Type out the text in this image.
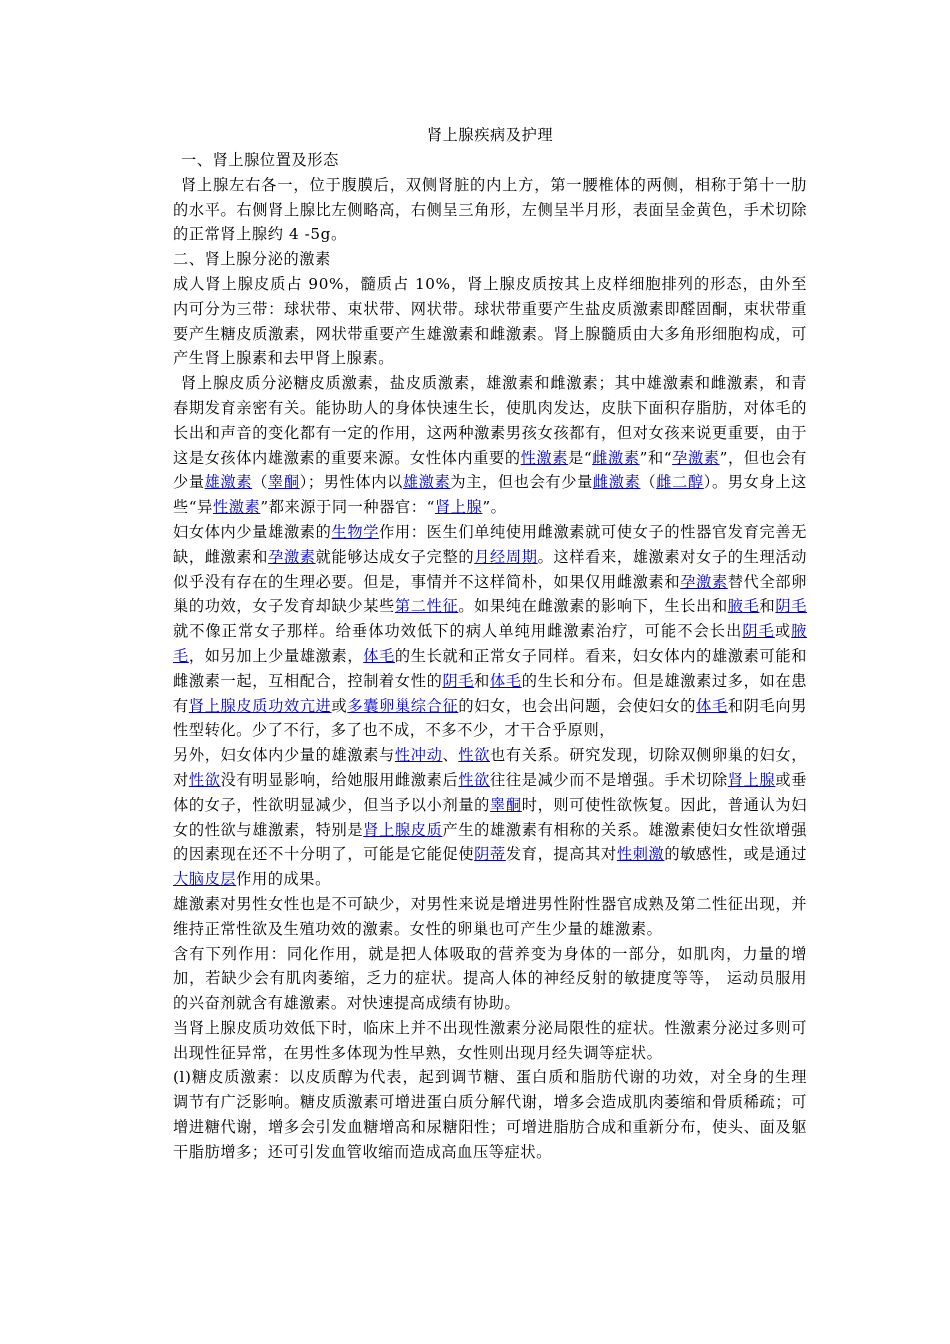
肾上腺疾病及护理

一、肾上腺位置及形态

肾上腺左右各一，位于腹膜后，双侧肾脏的内上方，第一腰椎体的两侧，相称于第十一肋的水平。右侧肾上腺比左侧略高，右侧呈三角形，左侧呈半月形，表面呈金黄色，手术切除的正常肾上腺约 4 -5g。

二、肾上腺分泌的激素

成人肾上腺皮质占 90%，髓质占 10%，肾上腺皮质按其上皮样细胞排列的形态，由外至内可分为三带：球状带、束状带、网状带。球状带重要产生盐皮质激素即醛固酮，束状带重要产生糖皮质激素，网状带重要产生雄激素和雌激素。肾上腺髓质由大多角形细胞构成，可产生肾上腺素和去甲肾上腺素。

肾上腺皮质分泌糖皮质激素，盐皮质激素，雄激素和雌激素；其中雄激素和雌激素，和青春期发育亲密有关。能协助人的身体快速生长，使肌肉发达，皮肤下面积存脂肪，对体毛的长出和声音的变化都有一定的作用，这两种激素男孩女孩都有，但对女孩来说更重要，由于这是女孩体内雄激素的重要来源。女性体内重要的性激素是“雌激素”和“孕激素”，但也会有少量雄激素（睾酮）；男性体内以雄激素为主，但也会有少量雌激素（雌二醇）。男女身上这些“异性激素”都来源于同一种器官：“肾上腺”。

妇女体内少量雄激素的生物学作用：医生们单纯使用雌激素就可使女子的性器官发育完善无缺，雌激素和孕激素就能够达成女子完整的月经周期。这样看来，雄激素对女子的生理活动似乎没有存在的生理必要。但是，事情并不这样简朴，如果仅用雌激素和孕激素替代全部卵巢的功效，女子发育却缺少某些第二性征。如果纯在雌激素的影响下，生长出和腋毛和阴毛就不像正常女子那样。给垂体功效低下的病人单纯用雌激素治疗，可能不会长出阴毛或腋毛，如另加上少量雄激素，体毛的生长就和正常女子同样。看来，妇女体内的雄激素可能和雌激素一起，互相配合，控制着女性的阴毛和体毛的生长和分布。但是雄激素过多，如在患有肾上腺皮质功效亢进或多囊卵巢综合征的妇女，也会出问题，会使妇女的体毛和阴毛向男性型转化。少了不行，多了也不成，不多不少，才干合乎原则，

另外，妇女体内少量的雄激素与性冲动、性欲也有关系。研究发现，切除双侧卵巢的妇女，对性欲没有明显影响，给她服用雌激素后性欲往往是减少而不是增强。手术切除肾上腺或垂体的女子，性欲明显减少，但当予以小剂量的睾酮时，则可使性欲恢复。因此，普通认为妇女的性欲与雄激素，特别是肾上腺皮质产生的雄激素有相称的关系。雄激素使妇女性欲增强的因素现在还不十分明了，可能是它能促使阴蒂发育，提高其对性刺激的敏感性，或是通过大脑皮层作用的成果。

雄激素对男性女性也是不可缺少，对男性来说是增进男性附性器官成熟及第二性征出现，并维持正常性欲及生殖功效的激素。女性的卵巢也可产生少量的雄激素。

含有下列作用：同化作用，就是把人体吸取的营养变为身体的一部分，如肌肉，力量的增加，若缺少会有肌肉萎缩，乏力的症状。提高人体的神经反射的敏捷度等等， 运动员服用的兴奋剂就含有雄激素。对快速提高成绩有协助。

当肾上腺皮质功效低下时，临床上并不出现性激素分泌局限性的症状。性激素分泌过多则可出现性征异常，在男性多体现为性早熟，女性则出现月经失调等症状。

(l)糖皮质激素：以皮质醇为代表，起到调节糖、蛋白质和脂肪代谢的功效，对全身的生理调节有广泛影响。糖皮质激素可增进蛋白质分解代谢，增多会造成肌肉萎缩和骨质稀疏；可增进糖代谢，增多会引发血糖增高和尿糖阳性；可增进脂肪合成和重新分布，使头、面及躯干脂肪增多；还可引发血管收缩而造成高血压等症状。
